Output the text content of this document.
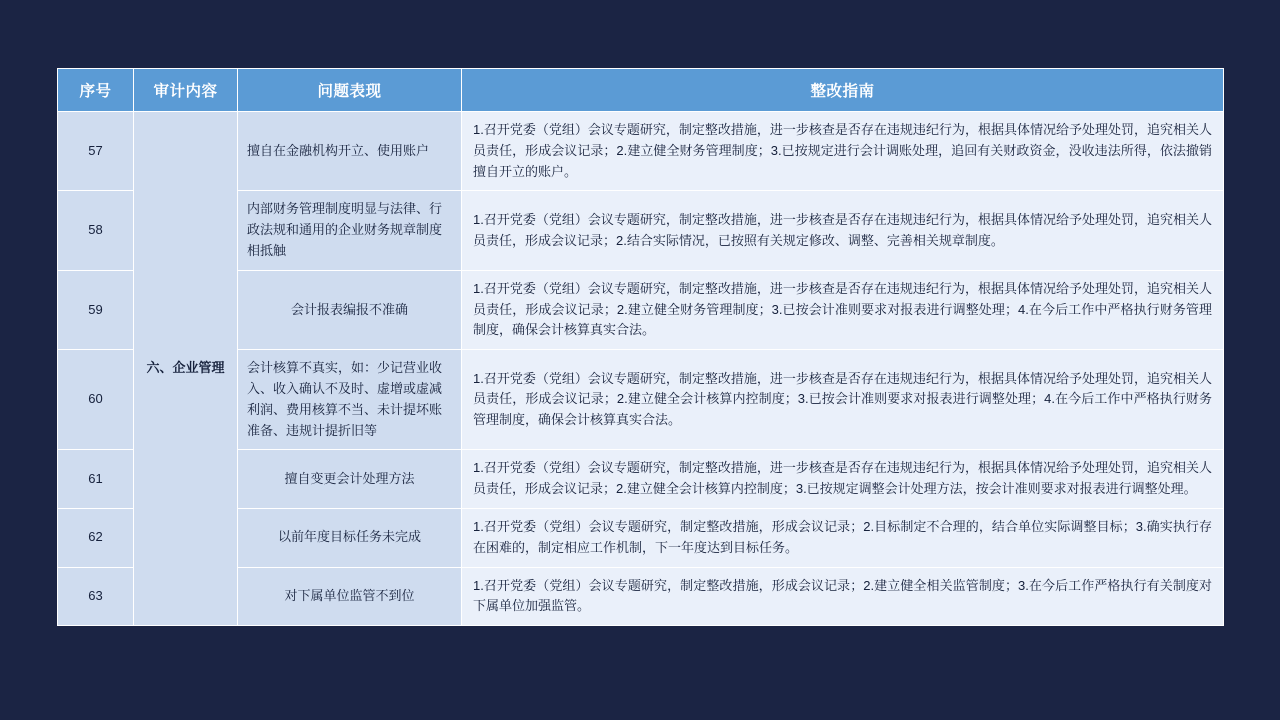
序号	审计内容	问题表现	整改指南
57	六、企业管理	擅自在金融机构开立、使用账户	1.召开党委（党组）会议专题研究，制定整改措施，进一步核查是否存在违规违纪行为，根据具体情况给予处理处罚，追究相关人员责任，形成会议记录；2.建立健全财务管理制度；3.已按规定进行会计调账处理，追回有关财政资金，没收违法所得，依法撤销擅自开立的账户。
58		内部财务管理制度明显与法律、行政法规和通用的企业财务规章制度相抵触	1.召开党委（党组）会议专题研究，制定整改措施，进一步核查是否存在违规违纪行为，根据具体情况给予处理处罚，追究相关人员责任，形成会议记录；2.结合实际情况，已按照有关规定修改、调整、完善相关规章制度。
59		会计报表编报不准确	1.召开党委（党组）会议专题研究，制定整改措施，进一步核查是否存在违规违纪行为，根据具体情况给予处理处罚，追究相关人员责任，形成会议记录；2.建立健全财务管理制度；3.已按会计准则要求对报表进行调整处理；4.在今后工作中严格执行财务管理制度，确保会计核算真实合法。
60		会计核算不真实，如：少记营业收入、收入确认不及时、虚增或虚减利润、费用核算不当、未计提坏账准备、违规计提折旧等	1.召开党委（党组）会议专题研究，制定整改措施，进一步核查是否存在违规违纪行为，根据具体情况给予处理处罚，追究相关人员责任，形成会议记录；2.建立健全会计核算内控制度；3.已按会计准则要求对报表进行调整处理；4.在今后工作中严格执行财务管理制度，确保会计核算真实合法。
61		擅自变更会计处理方法	1.召开党委（党组）会议专题研究，制定整改措施，进一步核查是否存在违规违纪行为，根据具体情况给予处理处罚，追究相关人员责任，形成会议记录；2.建立健全会计核算内控制度；3.已按规定调整会计处理方法，按会计准则要求对报表进行调整处理。
62		以前年度目标任务未完成	1.召开党委（党组）会议专题研究，制定整改措施，形成会议记录；2.目标制定不合理的，结合单位实际调整目标；3.确实执行存在困难的，制定相应工作机制，下一年度达到目标任务。
63		对下属单位监管不到位	1.召开党委（党组）会议专题研究，制定整改措施，形成会议记录；2.建立健全相关监管制度；3.在今后工作严格执行有关制度对下属单位加强监管。
